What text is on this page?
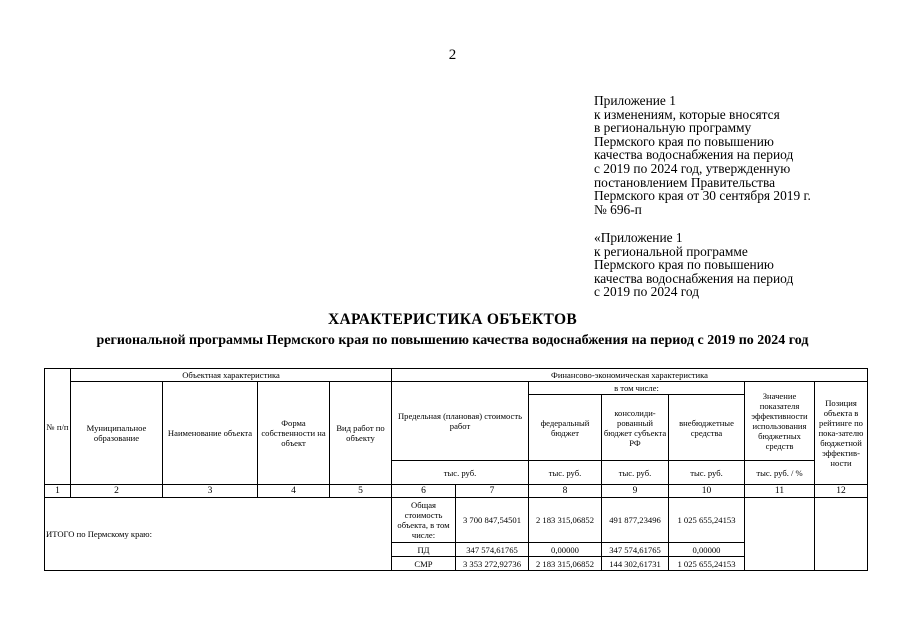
2
Приложение 1
к изменениям, которые вносятся
в региональную программу
Пермского края по повышению
качества водоснабжения на период
с 2019 по 2024 год, утвержденную
постановлением Правительства
Пермского края от 30 сентября 2019 г.
№ 696-п
«Приложение 1
к региональной программе
Пермского края по повышению
качества водоснабжения на период
с 2019 по 2024 год
ХАРАКТЕРИСТИКА ОБЪЕКТОВ
региональной программы Пермского края по повышению качества водоснабжения на период с 2019 по 2024 год
№ п/п	Объектная характеристика				Финансово-экономическая характеристика						
	Муниципальное образование	Наименование объекта	Форма собственности на объект	Вид работ по объекту	Предельная (плановая) стоимость работ		в том числе:			Значение показателя эффективности использования бюджетных средств	Позиция объекта в рейтинге по пока-зателю бюджетной эффектив-ности
							федеральный бюджет	консолиди-рованный бюджет субъекта РФ	внебюджетные средства		
					тыс. руб.		тыс. руб.	тыс. руб.	тыс. руб.	тыс. руб. / %	
1	2	3	4	5	6	7	8	9	10	11	12
ИТОГО по Пермскому краю:					Общая стоимость объекта, в том числе:	3 700 847,54501	2 183 315,06852	491 877,23496	1 025 655,24153		
					ПД	347 574,61765	0,00000	347 574,61765	0,00000		
					СМР	3 353 272,92736	2 183 315,06852	144 302,61731	1 025 655,24153		
